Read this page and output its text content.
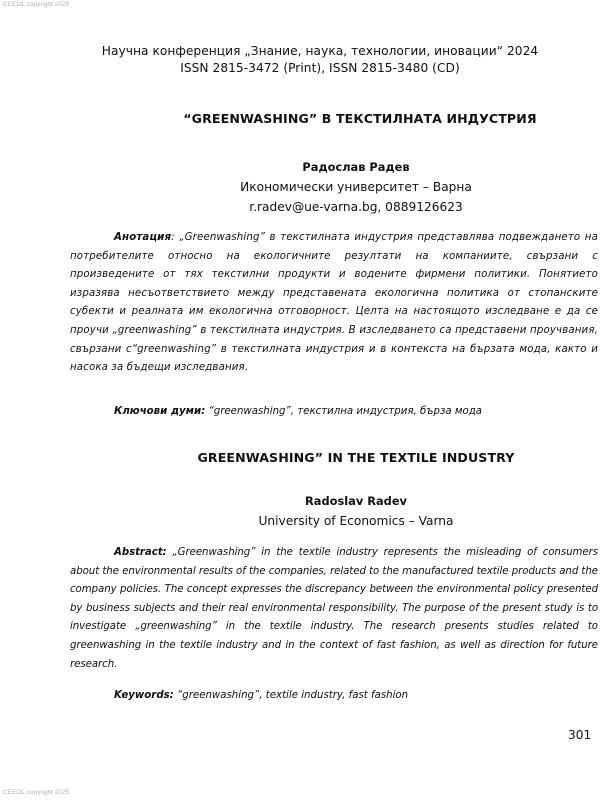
CEEOL copyright 2025
Научна конференция „Знание, наука, технологии, иновации“ 2024
ISSN 2815-3472 (Print), ISSN 2815-3480 (CD)
“GREENWASHING” В ТЕКСТИЛНАТА ИНДУСТРИЯ
Радослав Радев
Икономически университет – Варна
r.radev@ue-varna.bg, 0889126623

Анотация: „Greenwashing” в текстилната индустрия представлява подвеждането на потребителите относно на екологичните резултати на компаниите, свързани с произведените от тях текстилни продукти и водените фирмени политики. Понятието изразява несъответствието между представената екологична политика от стопанските субекти и реалната им екологична отговорност. Целта на настоящото изследване е да се проучи „greenwashing” в текстилната индустрия. В изследването са представени проучвания, свързани с“greenwashing” в текстилната индустрия и в контекста на бързата мода, както и насока за бъдещи изследвания.

Ключови думи: “greenwashing”, текстилна индустрия, бърза мода
GREENWASHING” IN THE TEXTILE INDUSTRY
Radoslav Radev
University of Economics – Varna

Abstract: „Greenwashing” in the textile industry represents the misleading of consumers about the environmental results of the companies, related to the manufactured textile products and the company policies. The concept expresses the discrepancy between the environmental policy presented by business subjects and their real environmental responsibility. The purpose of the present study is to investigate „greenwashing” in the textile industry. The research presents studies related to greenwashing in the textile industry and in the context of fast fashion, as well as direction for future research.

Keywords: “greenwashing”, textile industry, fast fashion
301
CEEOL copyright 2025
